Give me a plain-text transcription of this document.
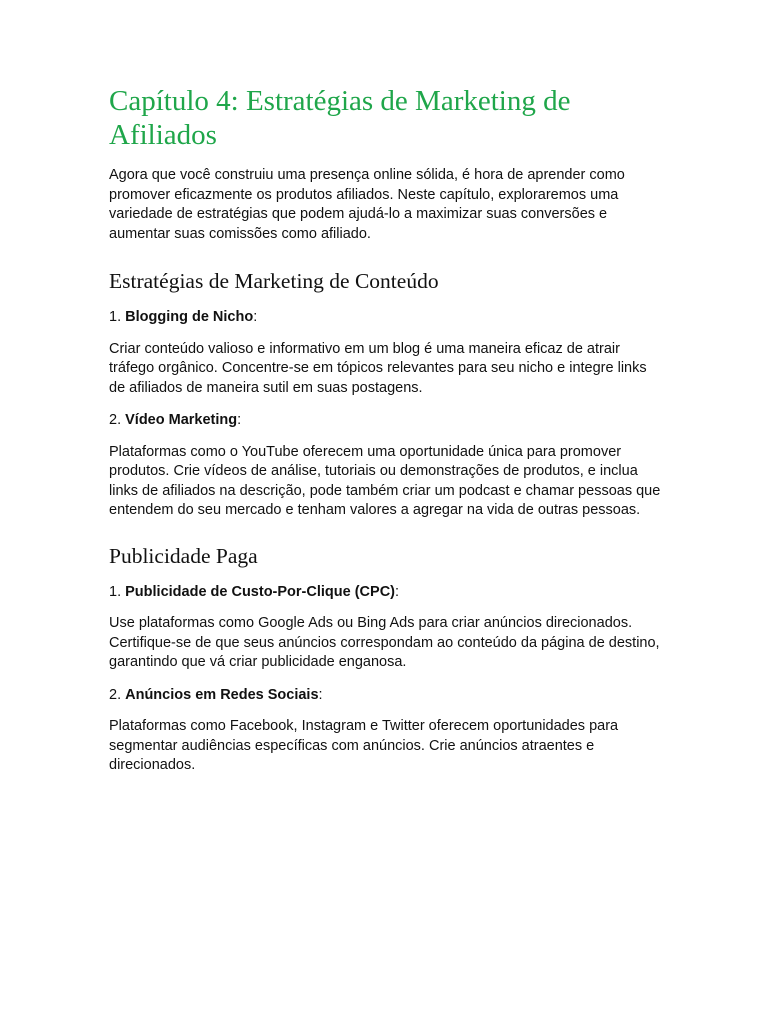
Capítulo 4: Estratégias de Marketing de Afiliados

Agora que você construiu uma presença online sólida, é hora de aprender como promover eficazmente os produtos afiliados. Neste capítulo, exploraremos uma variedade de estratégias que podem ajudá-lo a maximizar suas conversões e aumentar suas comissões como afiliado.

Estratégias de Marketing de Conteúdo

1. Blogging de Nicho:

Criar conteúdo valioso e informativo em um blog é uma maneira eficaz de atrair tráfego orgânico. Concentre-se em tópicos relevantes para seu nicho e integre links de afiliados de maneira sutil em suas postagens.

2. Vídeo Marketing:

Plataformas como o YouTube oferecem uma oportunidade única para promover produtos. Crie vídeos de análise, tutoriais ou demonstrações de produtos, e inclua links de afiliados na descrição, pode também criar um podcast e chamar pessoas que entendem do seu mercado e tenham valores a agregar na vida de outras pessoas.

Publicidade Paga

1. Publicidade de Custo-Por-Clique (CPC):

Use plataformas como Google Ads ou Bing Ads para criar anúncios direcionados. Certifique-se de que seus anúncios correspondam ao conteúdo da página de destino, garantindo que vá criar publicidade enganosa.

2. Anúncios em Redes Sociais:

Plataformas como Facebook, Instagram e Twitter oferecem oportunidades para segmentar audiências específicas com anúncios. Crie anúncios atraentes e direcionados.
